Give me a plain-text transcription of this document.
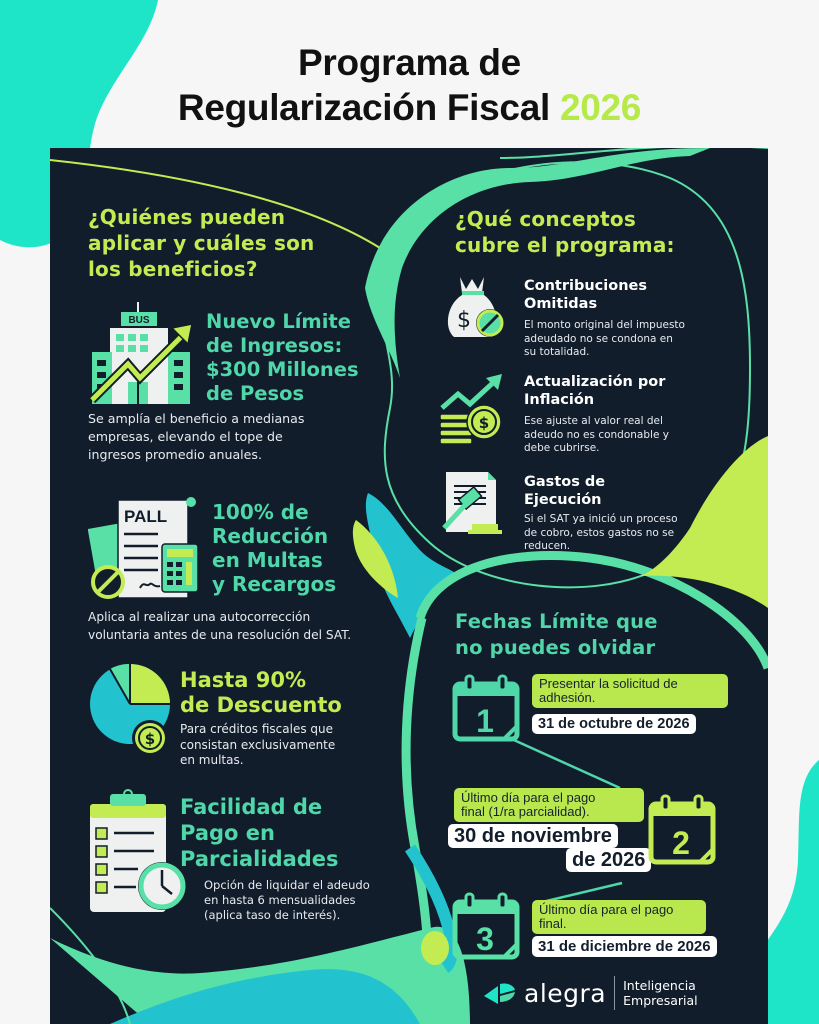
Programa de
Regularización Fiscal 2026
¿Quiénes pueden
aplicar y cuáles son
los beneficios?
BUS	Nuevo Límite
de Ingresos:
$300 Millones
de Pesos
Se amplía el beneficio a medianas
empresas, elevando el tope de
ingresos promedio anuales.
PALL 100% de
Reducción
en Multas
y Recargos
Aplica al realizar una autocorrección
voluntaria antes de una resolución del SAT.
$
Hasta 90%
de Descuento
Para créditos fiscales que
consistan exclusivamente
en multas.
Facilidad de
Pago en
Parcialidades
Opción de liquidar el adeudo
en hasta 6 mensualidades
(aplica taso de interés).
¿Qué conceptos
cubre el programa:
$
Contribuciones
Omitidas
El monto original del impuesto
adeudado no se condona en
su totalidad.
$
Actualización por
Inflación
Ese ajuste al valor real del
adeudo no es condonable y
debe cubrirse.
Gastos de
Ejecución
Si el SAT ya inició un proceso
de cobro, estos gastos no se
reducen.
Fechas Límite que
no puedes olvidar
1
Presentar la solicitud de
adhesión.
31 de octubre de 2026
Último día para el pago
final (1/ra parcialidad).
30 de noviembre
de 2026 2
3
Último día para el pago
final.
31 de diciembre de 2026
alegra Inteligencia
Empresarial
